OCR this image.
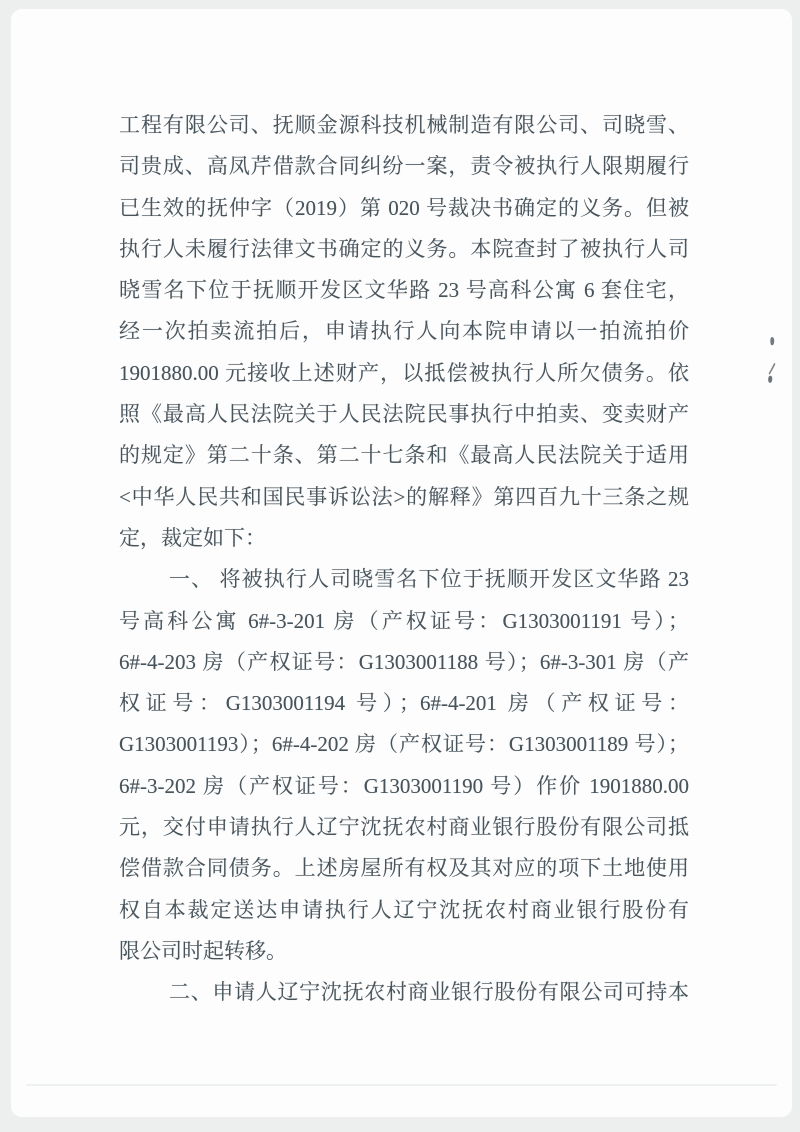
工程有限公司、抚顺金源科技机械制造有限公司、司晓雪、
司贵成、高凤芹借款合同纠纷一案，责令被执行人限期履行
已生效的抚仲字（2019）第 020 号裁决书确定的义务。但被
执行人未履行法律文书确定的义务。本院查封了被执行人司
晓雪名下位于抚顺开发区文华路 23 号高科公寓 6 套住宅，
经一次拍卖流拍后，申请执行人向本院申请以一拍流拍价
1901880.00 元接收上述财产，以抵偿被执行人所欠债务。依
照《最高人民法院关于人民法院民事执行中拍卖、变卖财产
的规定》第二十条、第二十七条和《最高人民法院关于适用
<中华人民共和国民事诉讼法>的解释》第四百九十三条之规
定，裁定如下：
一、 将被执行人司晓雪名下位于抚顺开发区文华路 23
号高科公寓 6#-3-201 房（产权证号：G1303001191 号）；
6#-4-203 房（产权证号：G1303001188 号）；6#-3-301 房（产
权证号：G1303001194 号）；6#-4-201 房（产权证号：
G1303001193）；6#-4-202 房（产权证号：G1303001189 号）；
6#-3-202 房（产权证号：G1303001190 号）作价 1901880.00
元，交付申请执行人辽宁沈抚农村商业银行股份有限公司抵
偿借款合同债务。上述房屋所有权及其对应的项下土地使用
权自本裁定送达申请执行人辽宁沈抚农村商业银行股份有
限公司时起转移。
二、申请人辽宁沈抚农村商业银行股份有限公司可持本
